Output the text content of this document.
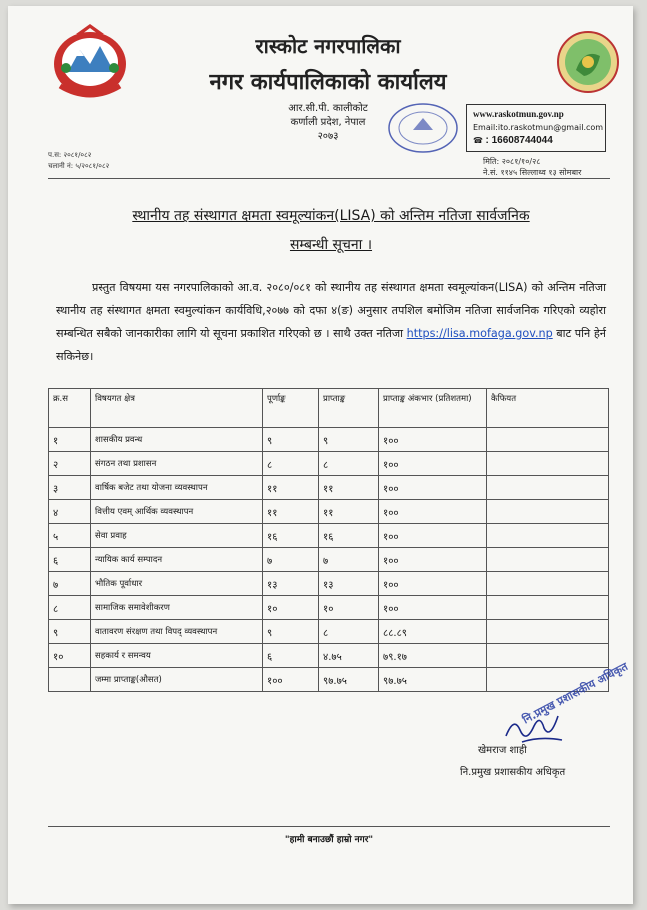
रास्कोट नगरपालिका
नगर कार्यपालिकाको कार्यालय
आर.सी.पी. कालीकोट
कर्णाली प्रदेश, नेपाल
२०७३
www.raskotmun.gov.np
Email:ito.raskotmun@gmail.com
☎ : 16608744044
प.स: २०८१/०८२
चलानी नं: ५/२०८१/०८२	मिति: २०८१/१०/२८
ने.सं. ११४५ सिल्लाथ्व १३ सोमबार
स्थानीय तह संस्थागत क्षमता स्वमूल्यांकन(LISA) को अन्तिम नतिजा सार्वजनिक
सम्बन्धी सूचना ।
प्रस्तुत विषयमा यस नगरपालिकाको आ.व. २०८०/०८१ को स्थानीय तह संस्थागत क्षमता स्वमूल्यांकन(LISA) को अन्तिम नतिजा स्थानीय तह संस्थागत क्षमता स्वमुल्यांकन कार्यविधि,२०७७ को दफा ४(ङ) अनुसार तपशिल बमोजिम नतिजा सार्वजनिक गरिएको व्यहोरा सम्बन्धित सबैको जानकारीका लागि यो सूचना प्रकाशित गरिएको छ । साथै उक्त नतिजा https://lisa.mofaga.gov.np बाट पनि हेर्न सकिनेछ।
क्र.स	विषयगत क्षेत्र	पूर्णाङ्क	प्राप्ताङ्क	प्राप्ताङ्क अंकभार (प्रतिशतमा)	कैफियत
१	शासकीय प्रवन्ध	९	९	१००	
२	संगठन तथा प्रशासन	८	८	१००	
३	वार्षिक बजेट तथा योजना व्यवस्थापन	११	११	१००	
४	वित्तीय एवम् आर्थिक व्यवस्थापन	११	११	१००	
५	सेवा प्रवाह	१६	१६	१००	
६	न्यायिक कार्य सम्पादन	७	७	१००	
७	भौतिक पूर्वाधार	१३	१३	१००	
८	सामाजिक समावेशीकरण	१०	१०	१००	
९	वातावरण संरक्षण तथा विपद् व्यवस्थापन	९	८	८८.८९	
१०	सहकार्य र समन्वय	६	४.७५	७९.१७	
	जम्मा प्राप्ताङ्क(औसत)	१००	९७.७५	९७.७५		नि.प्रमुख प्रशासकीय अधिकृत
खेमराज शाही
नि.प्रमुख प्रशासकीय अधिकृत
"हामी बनाउछौं हाम्रो नगर"
